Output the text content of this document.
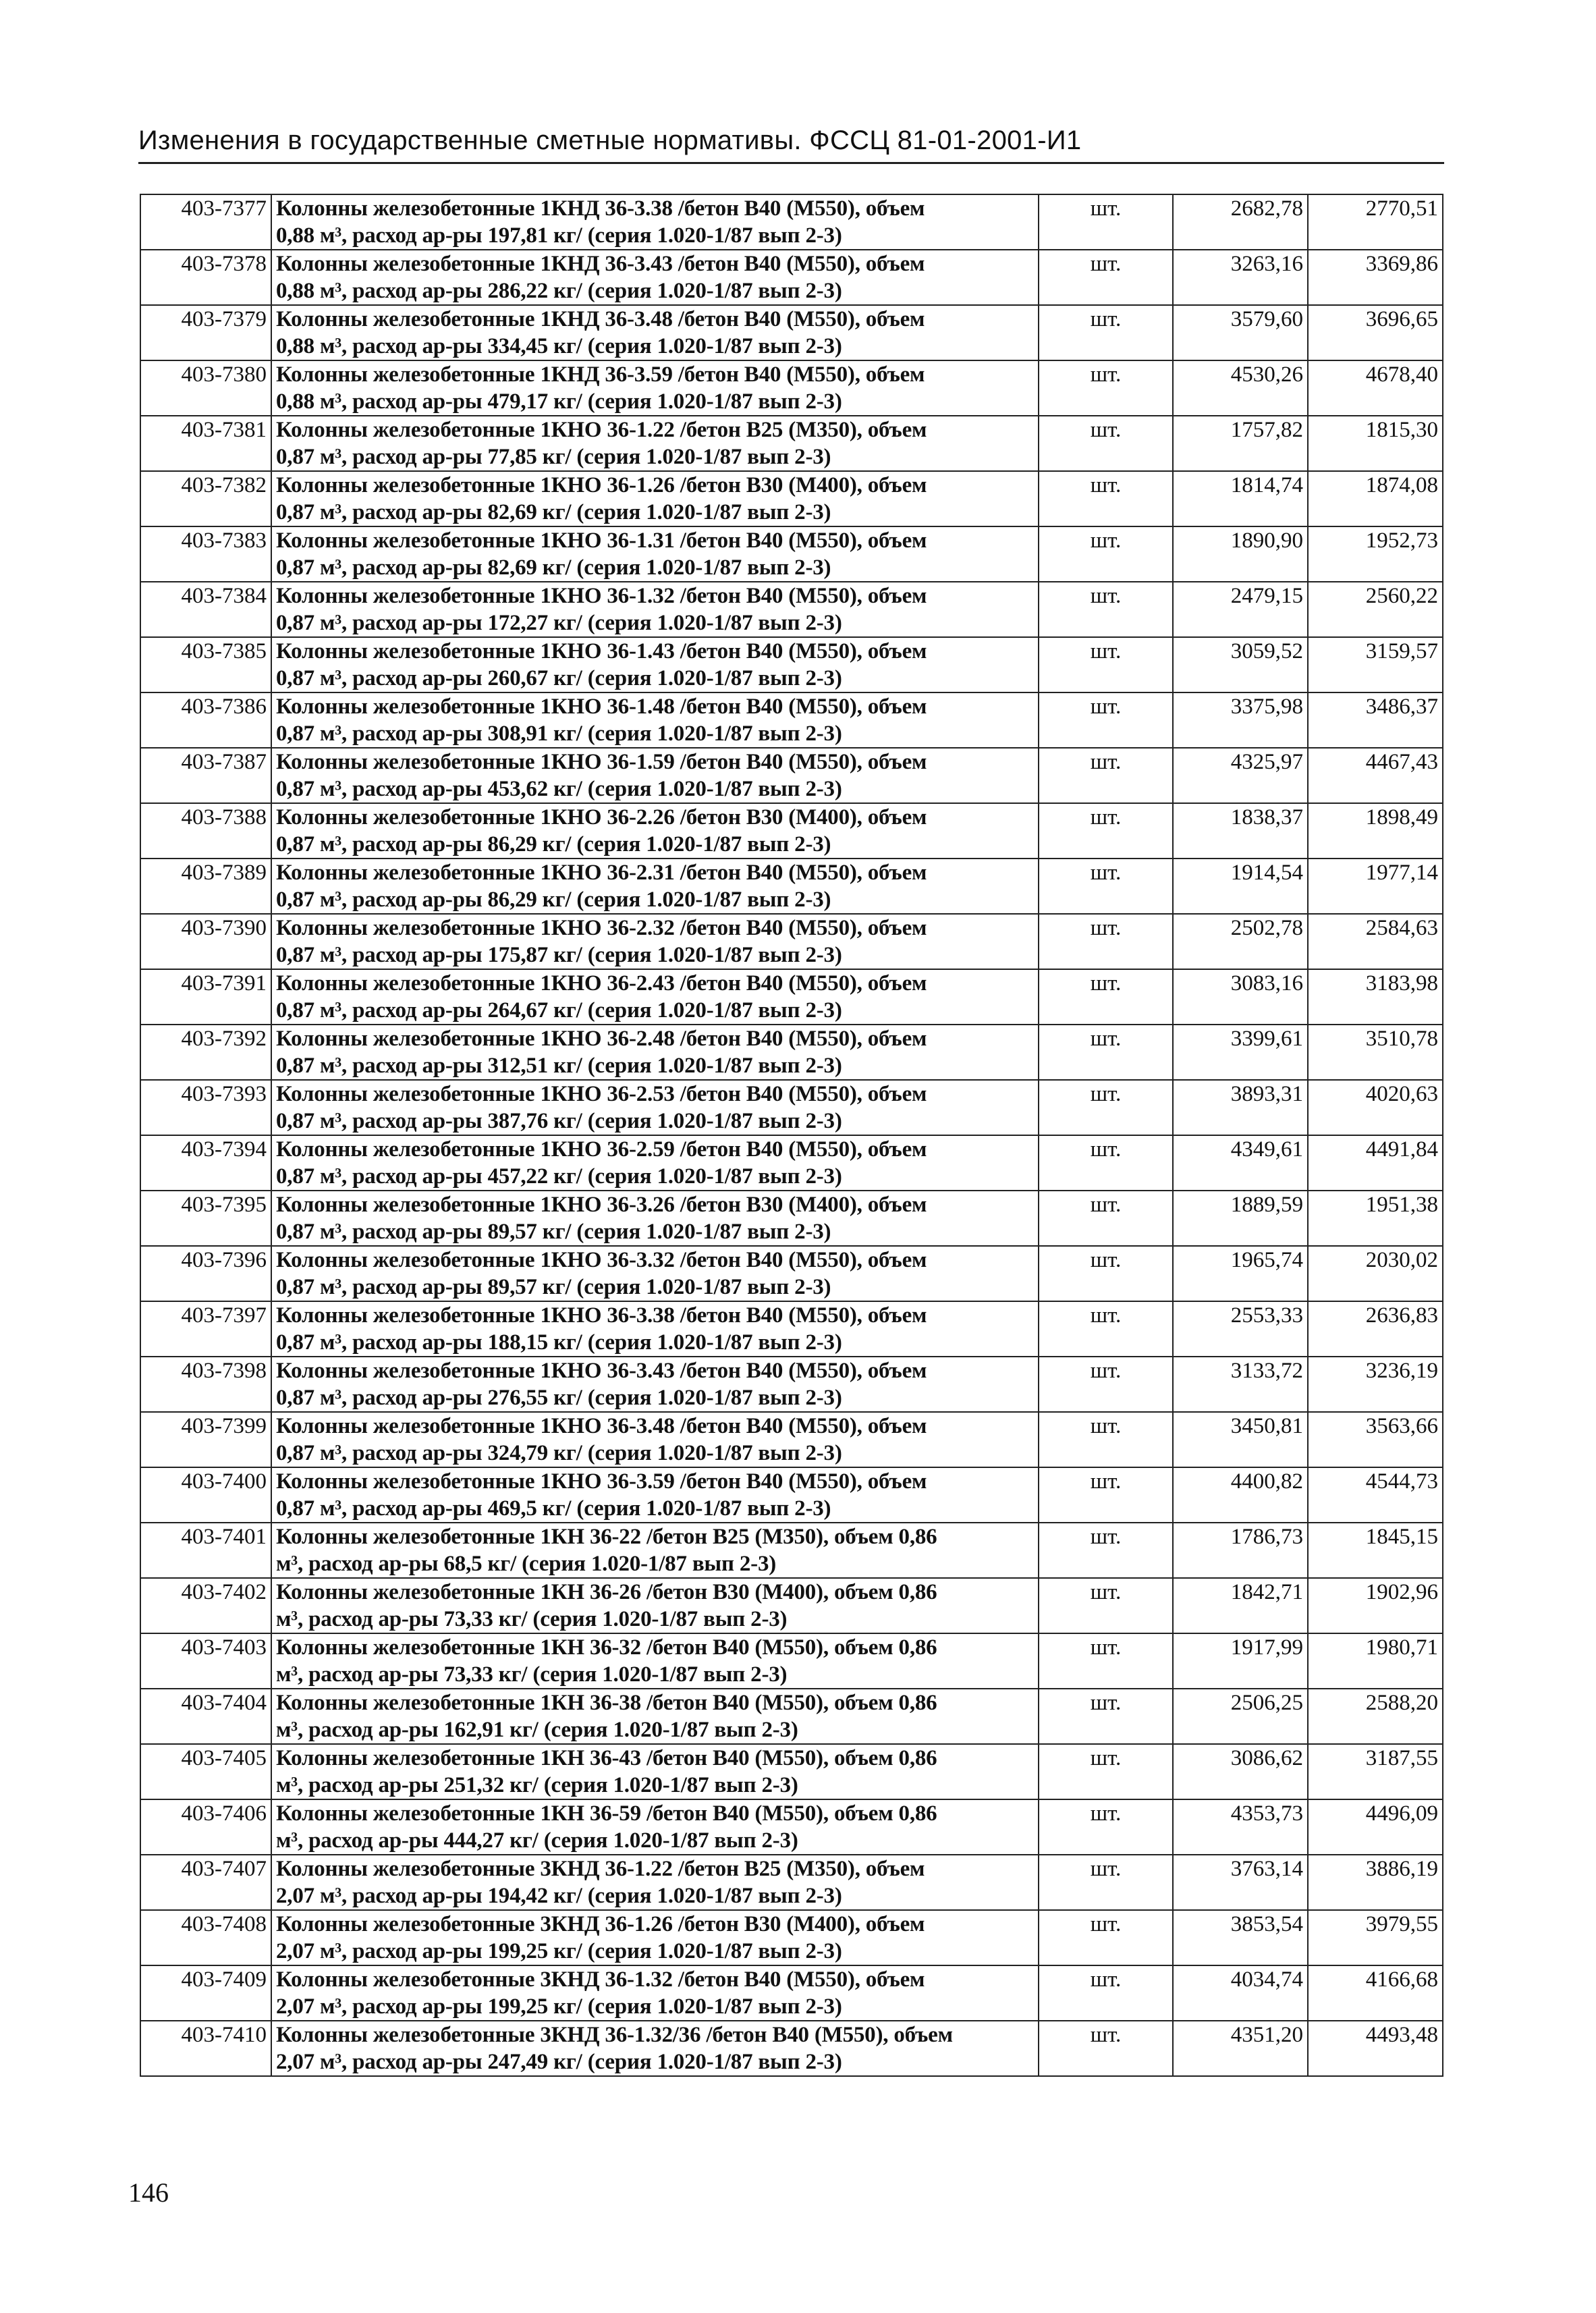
Изменения в государственные сметные нормативы. ФССЦ 81-01-2001-И1
403-7377	Колонны железобетонные 1КНД 36-3.38 /бетон В40 (М550), объем
0,88 м³, расход ар-ры 197,81 кг/ (серия 1.020-1/87 вып 2-3)	шт.	2682,78	2770,51
403-7378	Колонны железобетонные 1КНД 36-3.43 /бетон В40 (М550), объем
0,88 м³, расход ар-ры 286,22 кг/ (серия 1.020-1/87 вып 2-3)	шт.	3263,16	3369,86
403-7379	Колонны железобетонные 1КНД 36-3.48 /бетон В40 (М550), объем
0,88 м³, расход ар-ры 334,45 кг/ (серия 1.020-1/87 вып 2-3)	шт.	3579,60	3696,65
403-7380	Колонны железобетонные 1КНД 36-3.59 /бетон В40 (М550), объем
0,88 м³, расход ар-ры 479,17 кг/ (серия 1.020-1/87 вып 2-3)	шт.	4530,26	4678,40
403-7381	Колонны железобетонные 1КНО 36-1.22 /бетон В25 (М350), объем
0,87 м³, расход ар-ры 77,85 кг/ (серия 1.020-1/87 вып 2-3)	шт.	1757,82	1815,30
403-7382	Колонны железобетонные 1КНО 36-1.26 /бетон В30 (М400), объем
0,87 м³, расход ар-ры 82,69 кг/ (серия 1.020-1/87 вып 2-3)	шт.	1814,74	1874,08
403-7383	Колонны железобетонные 1КНО 36-1.31 /бетон В40 (М550), объем
0,87 м³, расход ар-ры 82,69 кг/ (серия 1.020-1/87 вып 2-3)	шт.	1890,90	1952,73
403-7384	Колонны железобетонные 1КНО 36-1.32 /бетон В40 (М550), объем
0,87 м³, расход ар-ры 172,27 кг/ (серия 1.020-1/87 вып 2-3)	шт.	2479,15	2560,22
403-7385	Колонны железобетонные 1КНО 36-1.43 /бетон В40 (М550), объем
0,87 м³, расход ар-ры 260,67 кг/ (серия 1.020-1/87 вып 2-3)	шт.	3059,52	3159,57
403-7386	Колонны железобетонные 1КНО 36-1.48 /бетон В40 (М550), объем
0,87 м³, расход ар-ры 308,91 кг/ (серия 1.020-1/87 вып 2-3)	шт.	3375,98	3486,37
403-7387	Колонны железобетонные 1КНО 36-1.59 /бетон В40 (М550), объем
0,87 м³, расход ар-ры 453,62 кг/ (серия 1.020-1/87 вып 2-3)	шт.	4325,97	4467,43
403-7388	Колонны железобетонные 1КНО 36-2.26 /бетон В30 (М400), объем
0,87 м³, расход ар-ры 86,29 кг/ (серия 1.020-1/87 вып 2-3)	шт.	1838,37	1898,49
403-7389	Колонны железобетонные 1КНО 36-2.31 /бетон В40 (М550), объем
0,87 м³, расход ар-ры 86,29 кг/ (серия 1.020-1/87 вып 2-3)	шт.	1914,54	1977,14
403-7390	Колонны железобетонные 1КНО 36-2.32 /бетон В40 (М550), объем
0,87 м³, расход ар-ры 175,87 кг/ (серия 1.020-1/87 вып 2-3)	шт.	2502,78	2584,63
403-7391	Колонны железобетонные 1КНО 36-2.43 /бетон В40 (М550), объем
0,87 м³, расход ар-ры 264,67 кг/ (серия 1.020-1/87 вып 2-3)	шт.	3083,16	3183,98
403-7392	Колонны железобетонные 1КНО 36-2.48 /бетон В40 (М550), объем
0,87 м³, расход ар-ры 312,51 кг/ (серия 1.020-1/87 вып 2-3)	шт.	3399,61	3510,78
403-7393	Колонны железобетонные 1КНО 36-2.53 /бетон В40 (М550), объем
0,87 м³, расход ар-ры 387,76 кг/ (серия 1.020-1/87 вып 2-3)	шт.	3893,31	4020,63
403-7394	Колонны железобетонные 1КНО 36-2.59 /бетон В40 (М550), объем
0,87 м³, расход ар-ры 457,22 кг/ (серия 1.020-1/87 вып 2-3)	шт.	4349,61	4491,84
403-7395	Колонны железобетонные 1КНО 36-3.26 /бетон В30 (М400), объем
0,87 м³, расход ар-ры 89,57 кг/ (серия 1.020-1/87 вып 2-3)	шт.	1889,59	1951,38
403-7396	Колонны железобетонные 1КНО 36-3.32 /бетон В40 (М550), объем
0,87 м³, расход ар-ры 89,57 кг/ (серия 1.020-1/87 вып 2-3)	шт.	1965,74	2030,02
403-7397	Колонны железобетонные 1КНО 36-3.38 /бетон В40 (М550), объем
0,87 м³, расход ар-ры 188,15 кг/ (серия 1.020-1/87 вып 2-3)	шт.	2553,33	2636,83
403-7398	Колонны железобетонные 1КНО 36-3.43 /бетон В40 (М550), объем
0,87 м³, расход ар-ры 276,55 кг/ (серия 1.020-1/87 вып 2-3)	шт.	3133,72	3236,19
403-7399	Колонны железобетонные 1КНО 36-3.48 /бетон В40 (М550), объем
0,87 м³, расход ар-ры 324,79 кг/ (серия 1.020-1/87 вып 2-3)	шт.	3450,81	3563,66
403-7400	Колонны железобетонные 1КНО 36-3.59 /бетон В40 (М550), объем
0,87 м³, расход ар-ры 469,5 кг/ (серия 1.020-1/87 вып 2-3)	шт.	4400,82	4544,73
403-7401	Колонны железобетонные 1КН 36-22 /бетон В25 (М350), объем 0,86
м³, расход ар-ры 68,5 кг/ (серия 1.020-1/87 вып 2-3)	шт.	1786,73	1845,15
403-7402	Колонны железобетонные 1КН 36-26 /бетон В30 (М400), объем 0,86
м³, расход ар-ры 73,33 кг/ (серия 1.020-1/87 вып 2-3)	шт.	1842,71	1902,96
403-7403	Колонны железобетонные 1КН 36-32 /бетон В40 (М550), объем 0,86
м³, расход ар-ры 73,33 кг/ (серия 1.020-1/87 вып 2-3)	шт.	1917,99	1980,71
403-7404	Колонны железобетонные 1КН 36-38 /бетон В40 (М550), объем 0,86
м³, расход ар-ры 162,91 кг/ (серия 1.020-1/87 вып 2-3)	шт.	2506,25	2588,20
403-7405	Колонны железобетонные 1КН 36-43 /бетон В40 (М550), объем 0,86
м³, расход ар-ры 251,32 кг/ (серия 1.020-1/87 вып 2-3)	шт.	3086,62	3187,55
403-7406	Колонны железобетонные 1КН 36-59 /бетон В40 (М550), объем 0,86
м³, расход ар-ры 444,27 кг/ (серия 1.020-1/87 вып 2-3)	шт.	4353,73	4496,09
403-7407	Колонны железобетонные 3КНД 36-1.22 /бетон В25 (М350), объем
2,07 м³, расход ар-ры 194,42 кг/ (серия 1.020-1/87 вып 2-3)	шт.	3763,14	3886,19
403-7408	Колонны железобетонные 3КНД 36-1.26 /бетон В30 (М400), объем
2,07 м³, расход ар-ры 199,25 кг/ (серия 1.020-1/87 вып 2-3)	шт.	3853,54	3979,55
403-7409	Колонны железобетонные 3КНД 36-1.32 /бетон В40 (М550), объем
2,07 м³, расход ар-ры 199,25 кг/ (серия 1.020-1/87 вып 2-3)	шт.	4034,74	4166,68
403-7410	Колонны железобетонные 3КНД 36-1.32/36 /бетон В40 (М550), объем
2,07 м³, расход ар-ры 247,49 кг/ (серия 1.020-1/87 вып 2-3)	шт.	4351,20	4493,48
146
